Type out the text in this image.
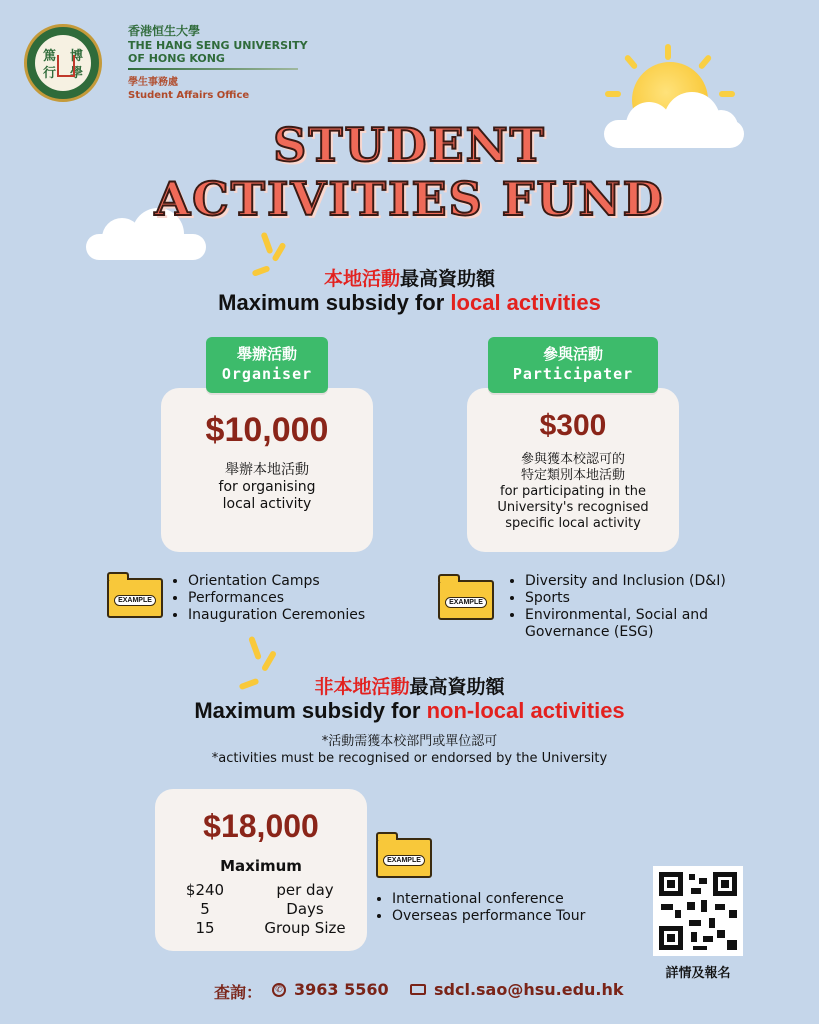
篤 博
行 學
香港恒生大學
THE HANG SENG UNIVERSITY
OF HONG KONG
學生事務處
Student Affairs Office
STUDENT
ACTIVITIES FUND
本地活動最高資助額
Maximum subsidy for local activities
$10,000
舉辦本地活動
for organising
local activity
舉辦活動
Organiser
$300
參與獲本校認可的
特定類別本地活動
for participating in the
University's recognised
specific local activity
參與活動
Participater
EXAMPLE
• Orientation Camps
• Performances
• Inauguration Ceremonies
EXAMPLE
• Diversity and Inclusion (D&I)
• Sports
• Environmental, Social and Governance (ESG)
非本地活動最高資助額
Maximum subsidy for non-local activities
*活動需獲本校部門或單位認可
*activities must be recognised or endorsed by the University
$18,000
Maximum
$240	per day
5	Days
15	Group Size
EXAMPLE
• International conference
• Overseas performance Tour
詳情及報名
查詢：	✆ 3963 5560	sdcl.sao@hsu.edu.hk
